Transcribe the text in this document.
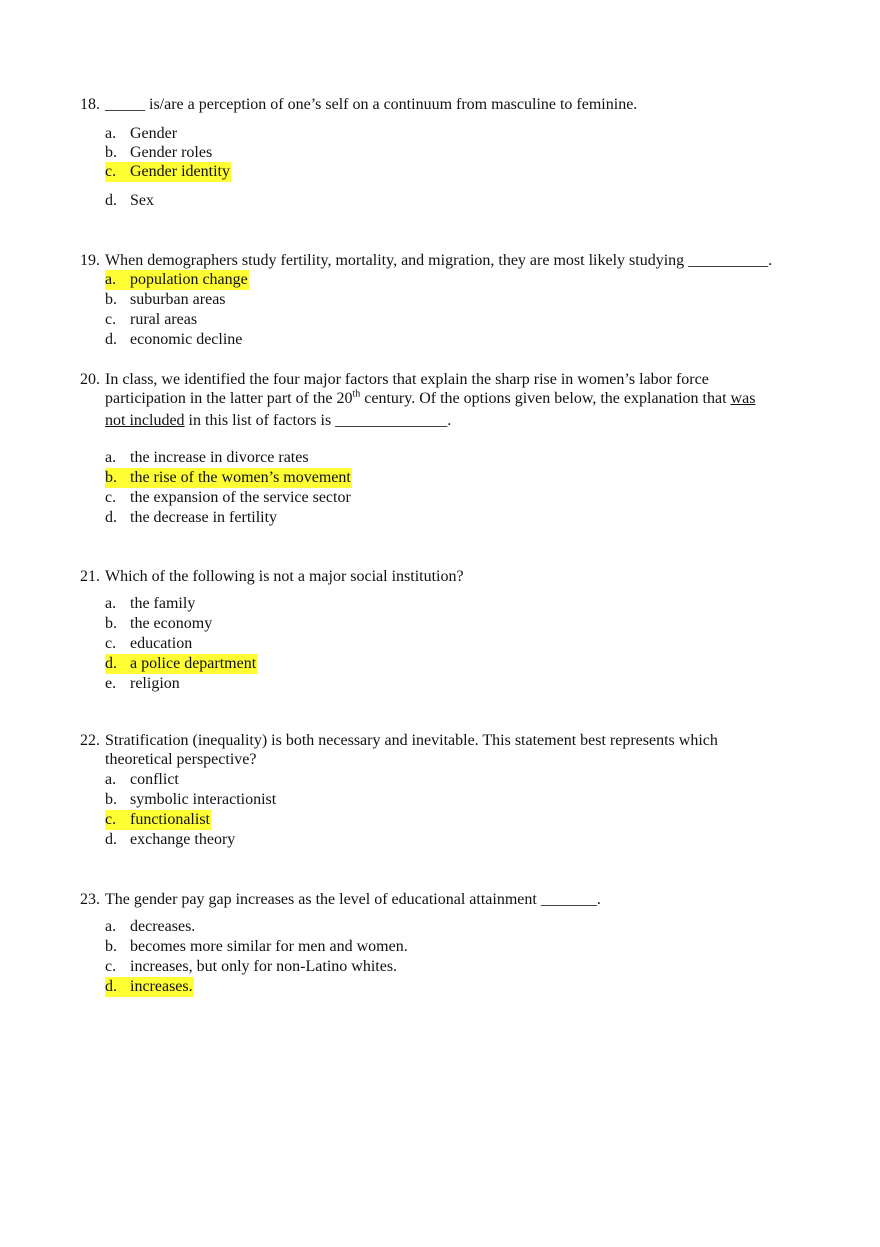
18. _____ is/are a perception of one’s self on a continuum from masculine to feminine.
a. Gender
b. Gender roles
c. Gender identity
d. Sex
19. When demographers study fertility, mortality, and migration, they are most likely studying __________.
a. population change
b. suburban areas
c. rural areas
d. economic decline
20. In class, we identified the four major factors that explain the sharp rise in women’s labor force
participation in the latter part of the 20th century. Of the options given below, the explanation that was
not included in this list of factors is ______________.
a. the increase in divorce rates
b. the rise of the women’s movement
c. the expansion of the service sector
d. the decrease in fertility
21. Which of the following is not a major social institution?
a. the family
b. the economy
c. education
d. a police department
e. religion
22. Stratification (inequality) is both necessary and inevitable. This statement best represents which
theoretical perspective?
a. conflict
b. symbolic interactionist
c. functionalist
d. exchange theory
23. The gender pay gap increases as the level of educational attainment _______.
a. decreases.
b. becomes more similar for men and women.
c. increases, but only for non-Latino whites.
d. increases.
